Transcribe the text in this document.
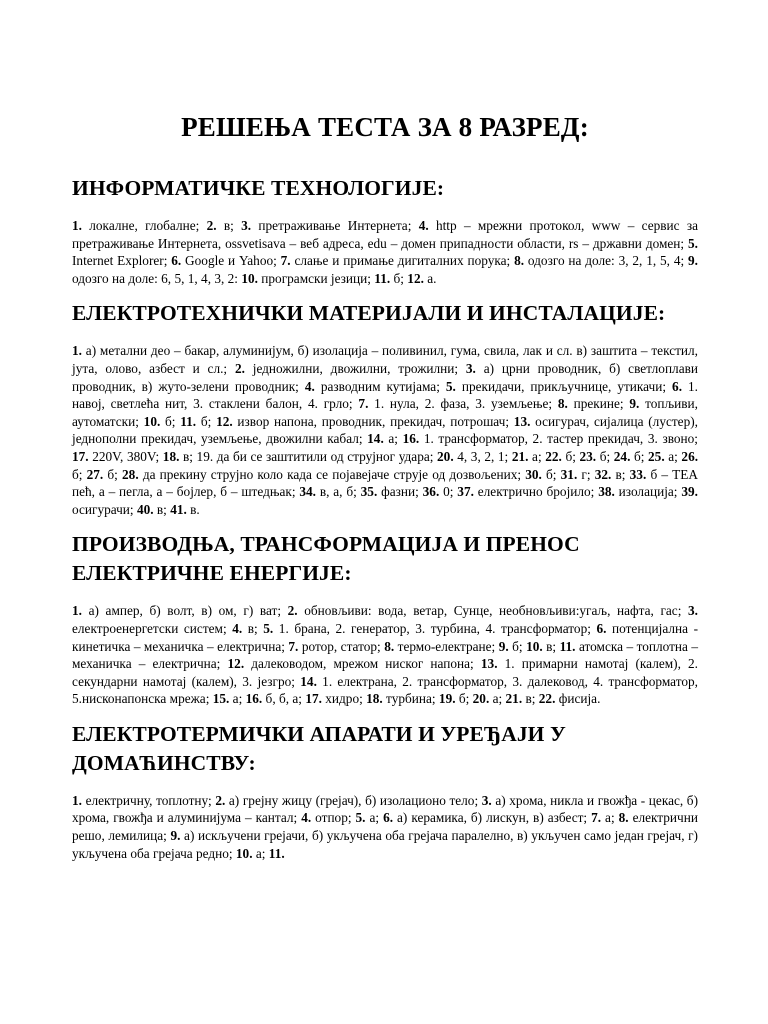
РЕШЕЊА ТЕСТА ЗА 8 РАЗРЕД:
ИНФОРМАТИЧКЕ ТЕХНОЛОГИЈЕ:

1. локалне, глобалне; 2. в; 3. претраживање Интернета; 4. http – мрежни протокол, www – сервис за претраживање Интернета, ossvetisava – веб адреса, edu – домен припадности области, rs – државни домен; 5. Internet Explorer; 6. Google и Yahoo; 7. слање и примање дигиталних порука; 8. одозго на доле: 3, 2, 1, 5, 4; 9. одозго на доле: 6, 5, 1, 4, 3, 2: 10. програмски језици; 11. б; 12. а.

ЕЛЕКТРОТЕХНИЧКИ МАТЕРИЈАЛИ И ИНСТАЛАЦИЈЕ:

1. а) метални део – бакар, алуминијум, б) изолација – поливинил, гума, свила, лак и сл. в) заштита – текстил, јута, олово, азбест и сл.; 2. једножилни, двожилни, трожилни; 3. а) црни проводник, б) светлоплави проводник, в) жуто-зелени проводник; 4. разводним кутијама; 5. прекидачи, прикључнице, утикачи; 6. 1. навој, светлећа нит, 3. стаклени балон, 4. грло; 7. 1. нула, 2. фаза, 3. уземљење; 8. прекине; 9. топљиви, аутоматски; 10. б; 11. б; 12. извор напона, проводник, прекидач, потрошач; 13. осигурач, сијалица (лустер), једнополни прекидач, уземљење, двожилни кабал; 14. а; 16. 1. трансформатор, 2. тастер прекидач, 3. звоно; 17. 220V, 380V; 18. в; 19. да би се заштитили од струјног удара; 20. 4, 3, 2, 1; 21. а; 22. б; 23. б; 24. б; 25. а; 26. б; 27. б; 28. да прекину струјно коло када се појавеjаче струје од дозвољених; 30. б; 31. г; 32. в; 33. б – ТЕА пећ, а – пегла, а – бојлер, б – штедњак; 34. в, а, б; 35. фазни; 36. 0; 37. електрично бројило; 38. изолација; 39. осигурачи; 40. в; 41. в.

ПРОИЗВОДЊА, ТРАНСФОРМАЦИЈА И ПРЕНОС ЕЛЕКТРИЧНЕ ЕНЕРГИЈЕ:

1. а) ампер, б) волт, в) ом, г) ват; 2. обновљиви: вода, ветар, Сунце, необновљиви:угаљ, нафта, гас; 3. електроенергетски систем; 4. в; 5. 1. брана, 2. генератор, 3. турбина, 4. трансформатор; 6. потенцијална - кинетичка – механичка – електрична; 7. ротор, статор; 8. термо-електране; 9. б; 10. в; 11. атомска – топлотна – механичка – електрична; 12. далеководом, мрежом ниског напона; 13. 1. примарни намотај (калем), 2. секундарни намотај (калем), 3. језгро; 14. 1. електрана, 2. трансформатор, 3. далековод, 4. трансформатор, 5.нисконапонска мрежа; 15. а; 16. б, б, а; 17. хидро; 18. турбина; 19. б; 20. а; 21. в; 22. фисија.

ЕЛЕКТРОТЕРМИЧКИ АПАРАТИ И УРЕЂАЈИ У ДОМАЋИНСТВУ:

1. електричну, топлотну; 2. а) грејну жицу (грејач), б) изолационо тело; 3. а) хрома, никла и гвожђа - цекас, б) хрома, гвожђа и алуминијума – кантал; 4. отпор; 5. а; 6. а) керамика, б) лискун, в) азбест; 7. а; 8. електрични решо, лемилица; 9. а) искључени грејачи, б) укључена оба грејача паралелно, в) укључен само један грејач, г) укључена оба грејача редно; 10. а; 11.
